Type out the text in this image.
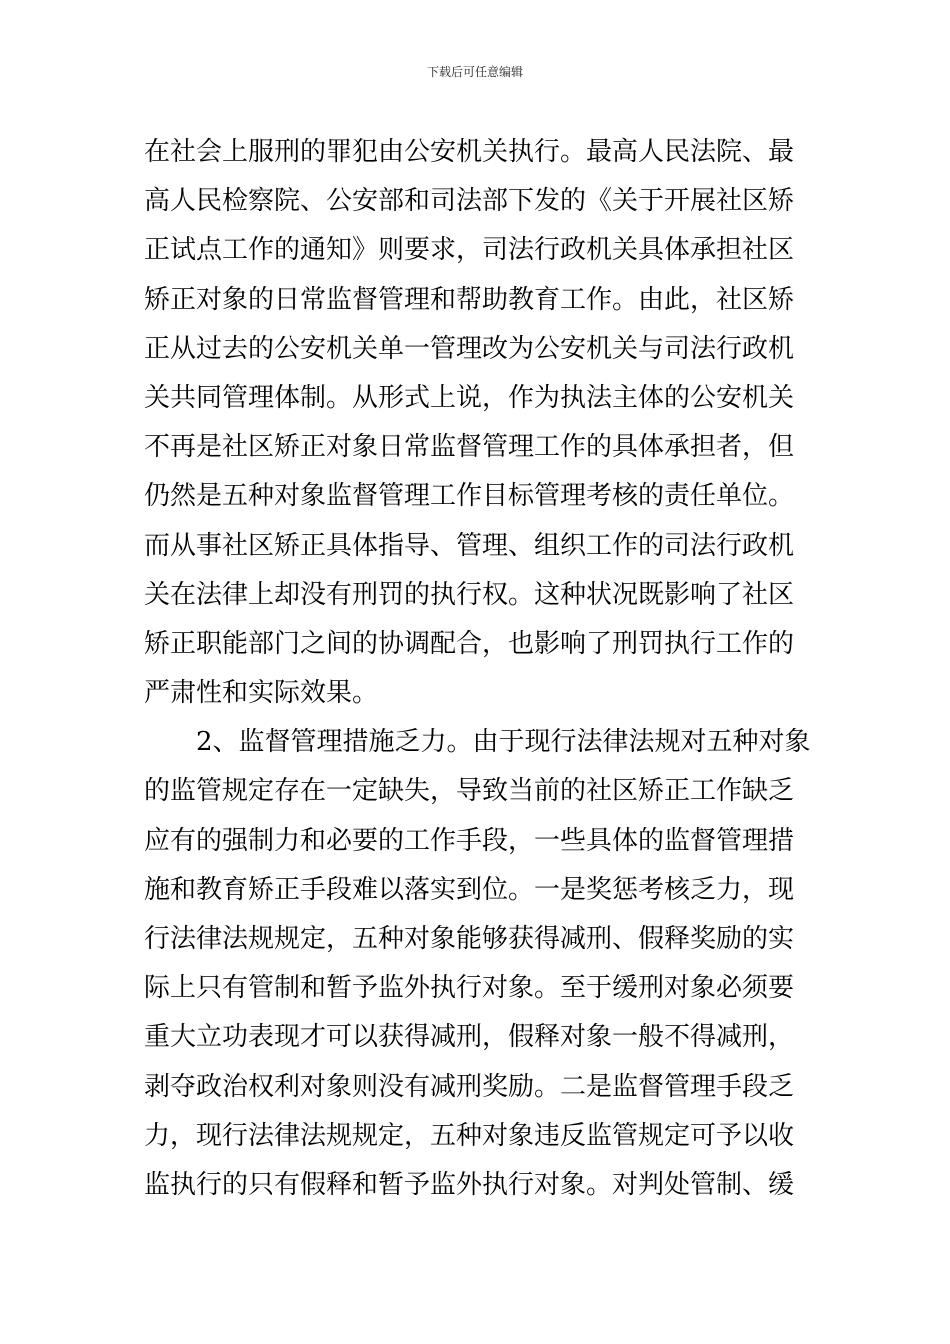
下载后可任意编辑
在社会上服刑的罪犯由公安机关执行。最高人民法院、最
高人民检察院、公安部和司法部下发的《关于开展社区矫
正试点工作的通知》则要求，司法行政机关具体承担社区
矫正对象的日常监督管理和帮助教育工作。由此，社区矫
正从过去的公安机关单一管理改为公安机关与司法行政机
关共同管理体制。从形式上说，作为执法主体的公安机关
不再是社区矫正对象日常监督管理工作的具体承担者，但
仍然是五种对象监督管理工作目标管理考核的责任单位。
而从事社区矫正具体指导、管理、组织工作的司法行政机
关在法律上却没有刑罚的执行权。这种状况既影响了社区
矫正职能部门之间的协调配合，也影响了刑罚执行工作的
严肃性和实际效果。
　　2、监督管理措施乏力。由于现行法律法规对五种对象
的监管规定存在一定缺失，导致当前的社区矫正工作缺乏
应有的强制力和必要的工作手段，一些具体的监督管理措
施和教育矫正手段难以落实到位。一是奖惩考核乏力，现
行法律法规规定，五种对象能够获得减刑、假释奖励的实
际上只有管制和暂予监外执行对象。至于缓刑对象必须要
重大立功表现才可以获得减刑，假释对象一般不得减刑，
剥夺政治权利对象则没有减刑奖励。二是监督管理手段乏
力，现行法律法规规定，五种对象违反监管规定可予以收
监执行的只有假释和暂予监外执行对象。对判处管制、缓
